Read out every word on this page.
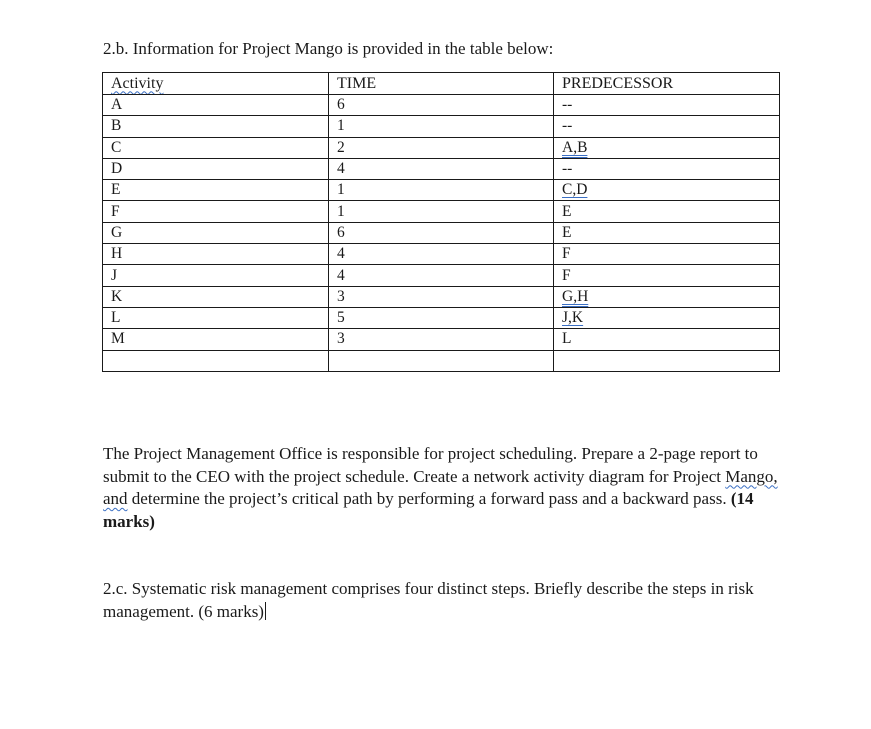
2.b. Information for Project Mango is provided in the table below:
Activity	TIME	PREDECESSOR
A	6	--
B	1	--
C	2	A,B
D	4	--
E	1	C,D
F	1	E
G	6	E
H	4	F
J	4	F
K	3	G,H
L	5	J,K
M	3	L

The Project Management Office is responsible for project scheduling. Prepare a 2-page report to submit to the CEO with the project schedule. Create a network activity diagram for Project Mango, and determine the project’s critical path by performing a forward pass and a backward pass. (14 marks)
2.c. Systematic risk management comprises four distinct steps. Briefly describe the steps in risk management. (6 marks)
